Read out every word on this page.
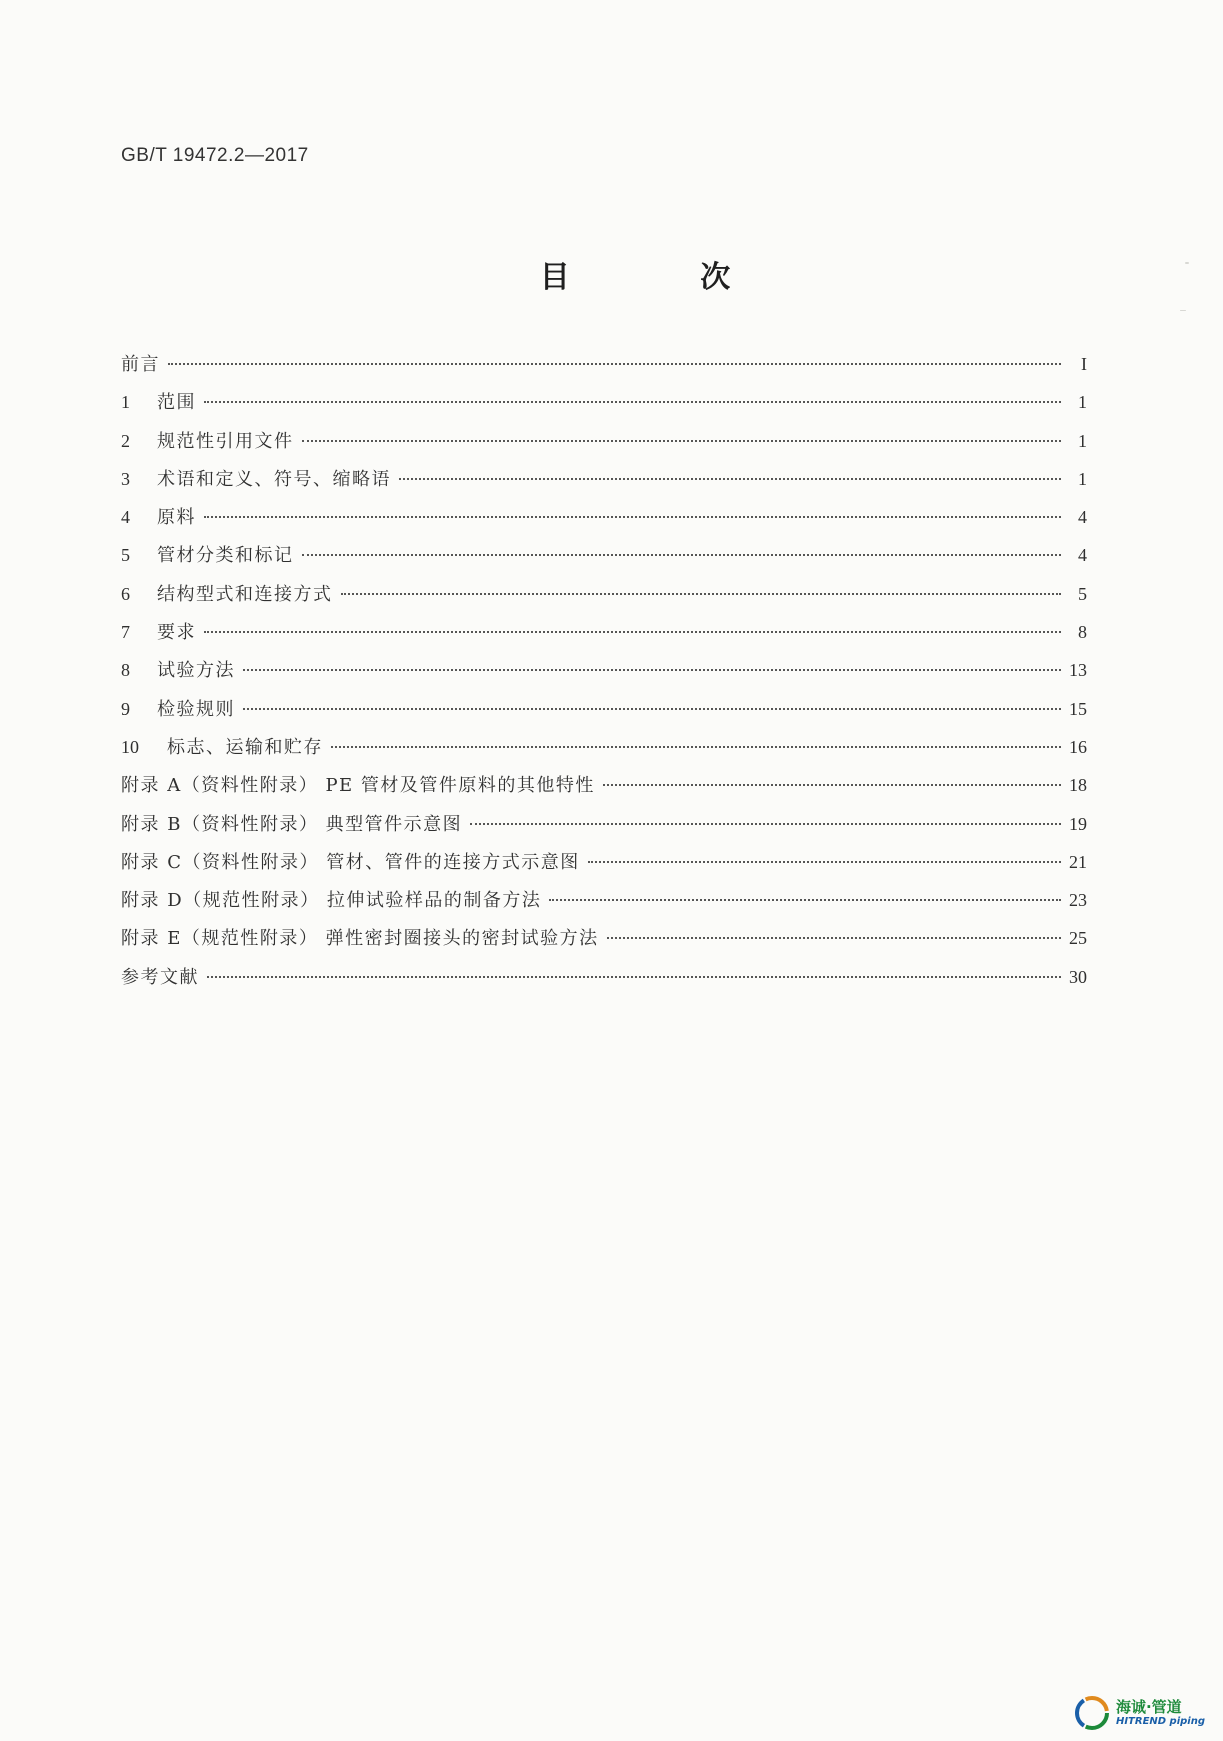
GB/T 19472.2—2017
目 次
前言	I
1	范围	1
2	规范性引用文件	1
3	术语和定义、符号、缩略语	1
4	原料	4
5	管材分类和标记	4
6	结构型式和连接方式	5
7	要求	8
8	试验方法	13
9	检验规则	15
10	标志、运输和贮存	16
附录 A（资料性附录） PE 管材及管件原料的其他特性	18
附录 B（资料性附录） 典型管件示意图	19
附录 C（资料性附录） 管材、管件的连接方式示意图	21
附录 D（规范性附录） 拉伸试验样品的制备方法	23
附录 E（规范性附录） 弹性密封圈接头的密封试验方法	25
参考文献	30
海诚·管道
HITREND piping
